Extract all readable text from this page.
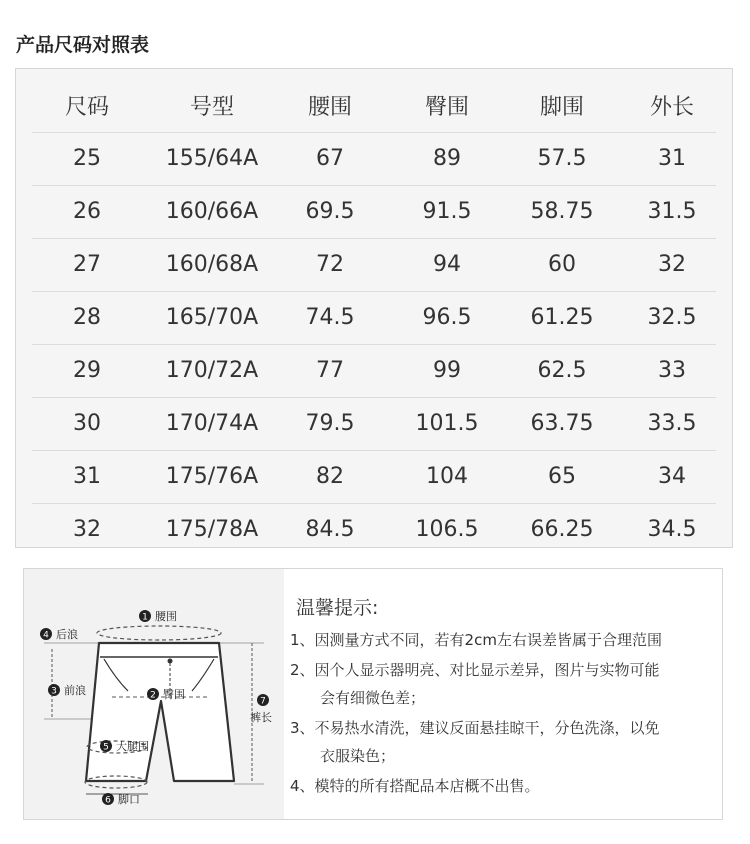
产品尺码对照表
尺码	号型	腰围	臀围	脚围	外长
25	155/64A	67	89	57.5	31
26	160/66A	69.5	91.5	58.75	31.5
27	160/68A	72	94	60	32
28	165/70A	74.5	96.5	61.25	32.5
29	170/72A	77	99	62.5	33
30	170/74A	79.5	101.5	63.75	33.5
31	175/76A	82	104	65	34
32	175/78A	84.5	106.5	66.25	34.5
1 腰围
4 后浪
3 前浪	2 臀围
7
裤长
5 大腿围
6 脚口
温馨提示:
1、因测量方式不同，若有2cm左右误差皆属于合理范围
2、因个人显示器明亮、对比显示差异，图片与实物可能
会有细微色差；
3、不易热水清洗，建议反面悬挂晾干，分色洗涤，以免
衣服染色；
4、模特的所有搭配品本店概不出售。
